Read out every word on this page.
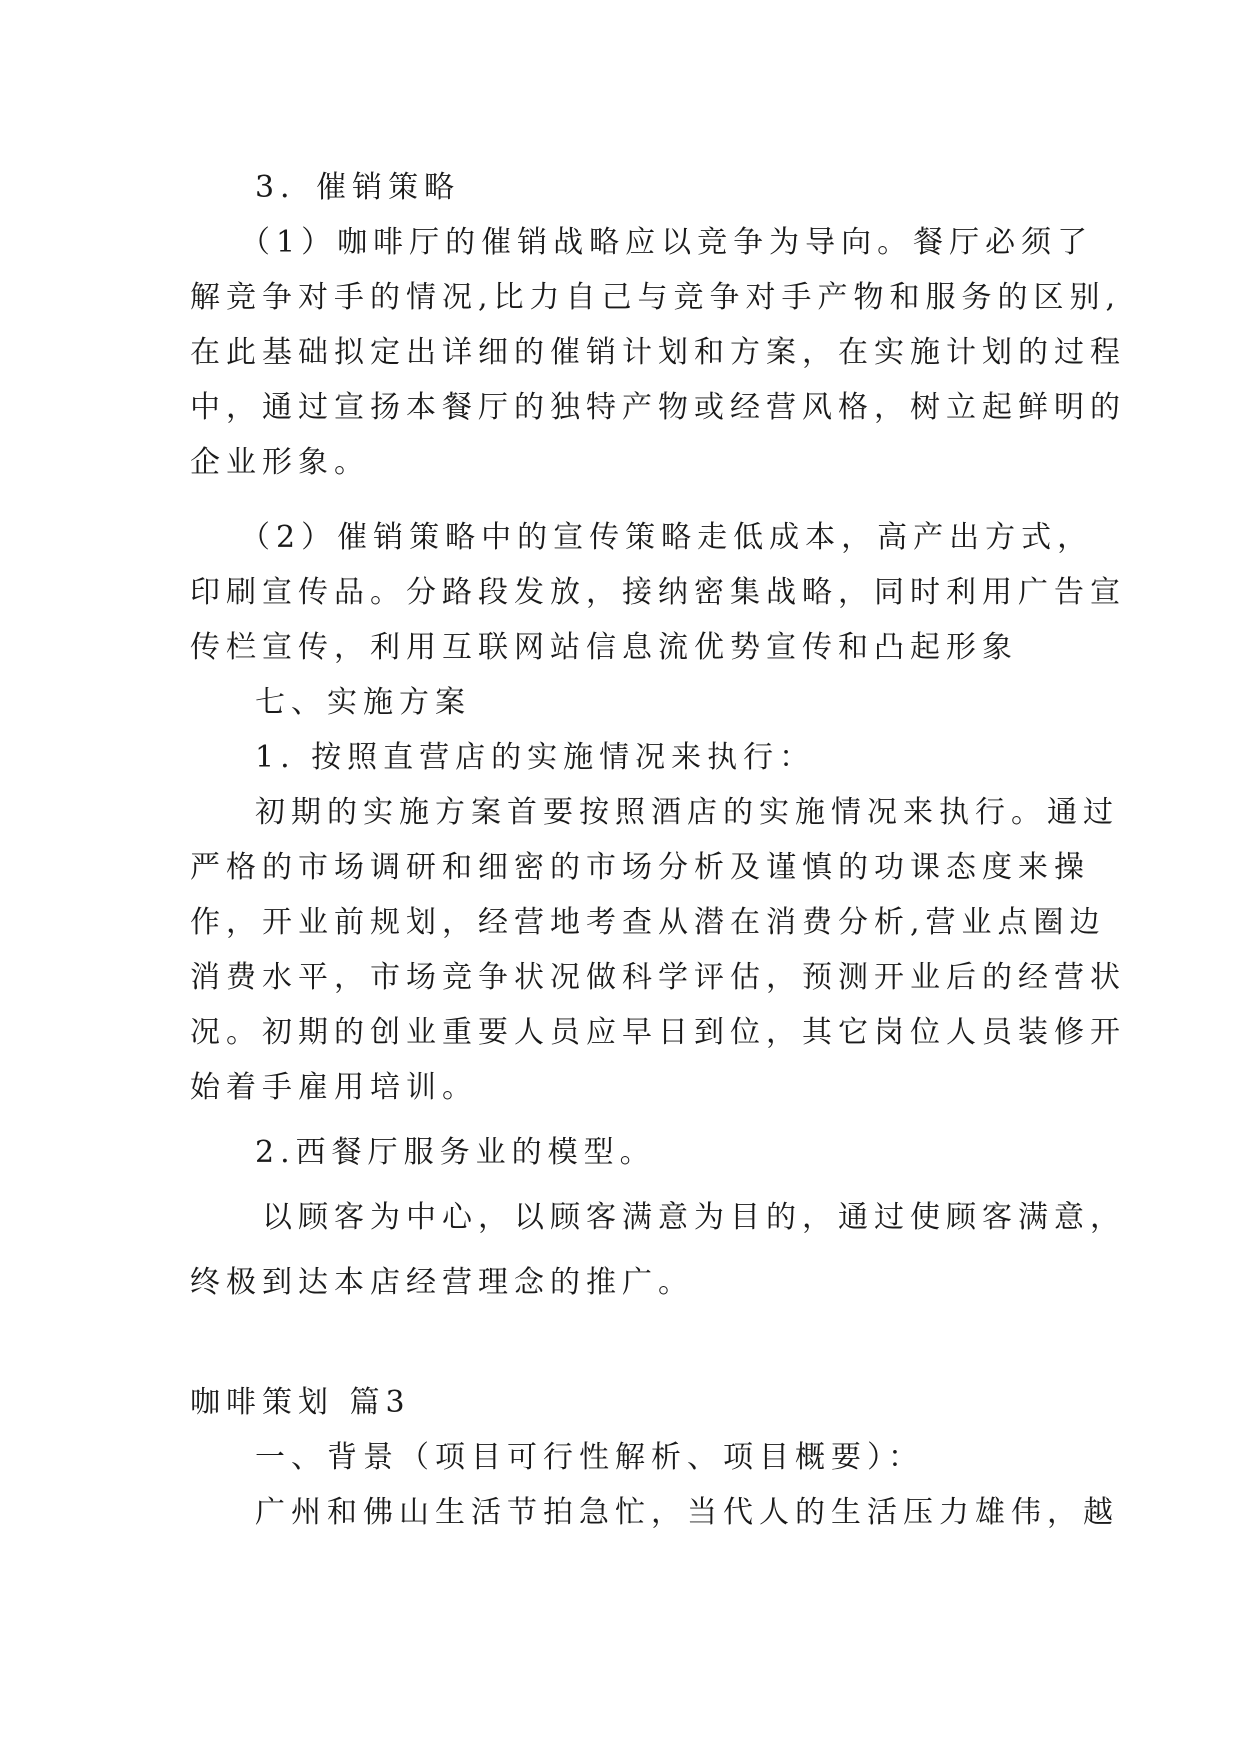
3．催销策略
（1）咖啡厅的催销战略应以竞争为导向。餐厅必须了
解竞争对手的情况,比力自己与竞争对手产物和服务的区别,
在此基础拟定出详细的催销计划和方案，在实施计划的过程
中，通过宣扬本餐厅的独特产物或经营风格，树立起鲜明的
企业形象。
（2）催销策略中的宣传策略走低成本，高产出方式，
印刷宣传品。分路段发放，接纳密集战略，同时利用广告宣
传栏宣传，利用互联网站信息流优势宣传和凸起形象
七、实施方案
1. 按照直营店的实施情况来执行：
初期的实施方案首要按照酒店的实施情况来执行。通过
严格的市场调研和细密的市场分析及谨慎的功课态度来操
作，开业前规划，经营地考查从潜在消费分析,营业点圈边
消费水平，市场竞争状况做科学评估，预测开业后的经营状
况。初期的创业重要人员应早日到位，其它岗位人员装修开
始着手雇用培训。
2.西餐厅服务业的模型。
以顾客为中心，以顾客满意为目的，通过使顾客满意，
终极到达本店经营理念的推广。
咖啡策划 篇3
一、背景（项目可行性解析、项目概要）：
广州和佛山生活节拍急忙，当代人的生活压力雄伟，越
